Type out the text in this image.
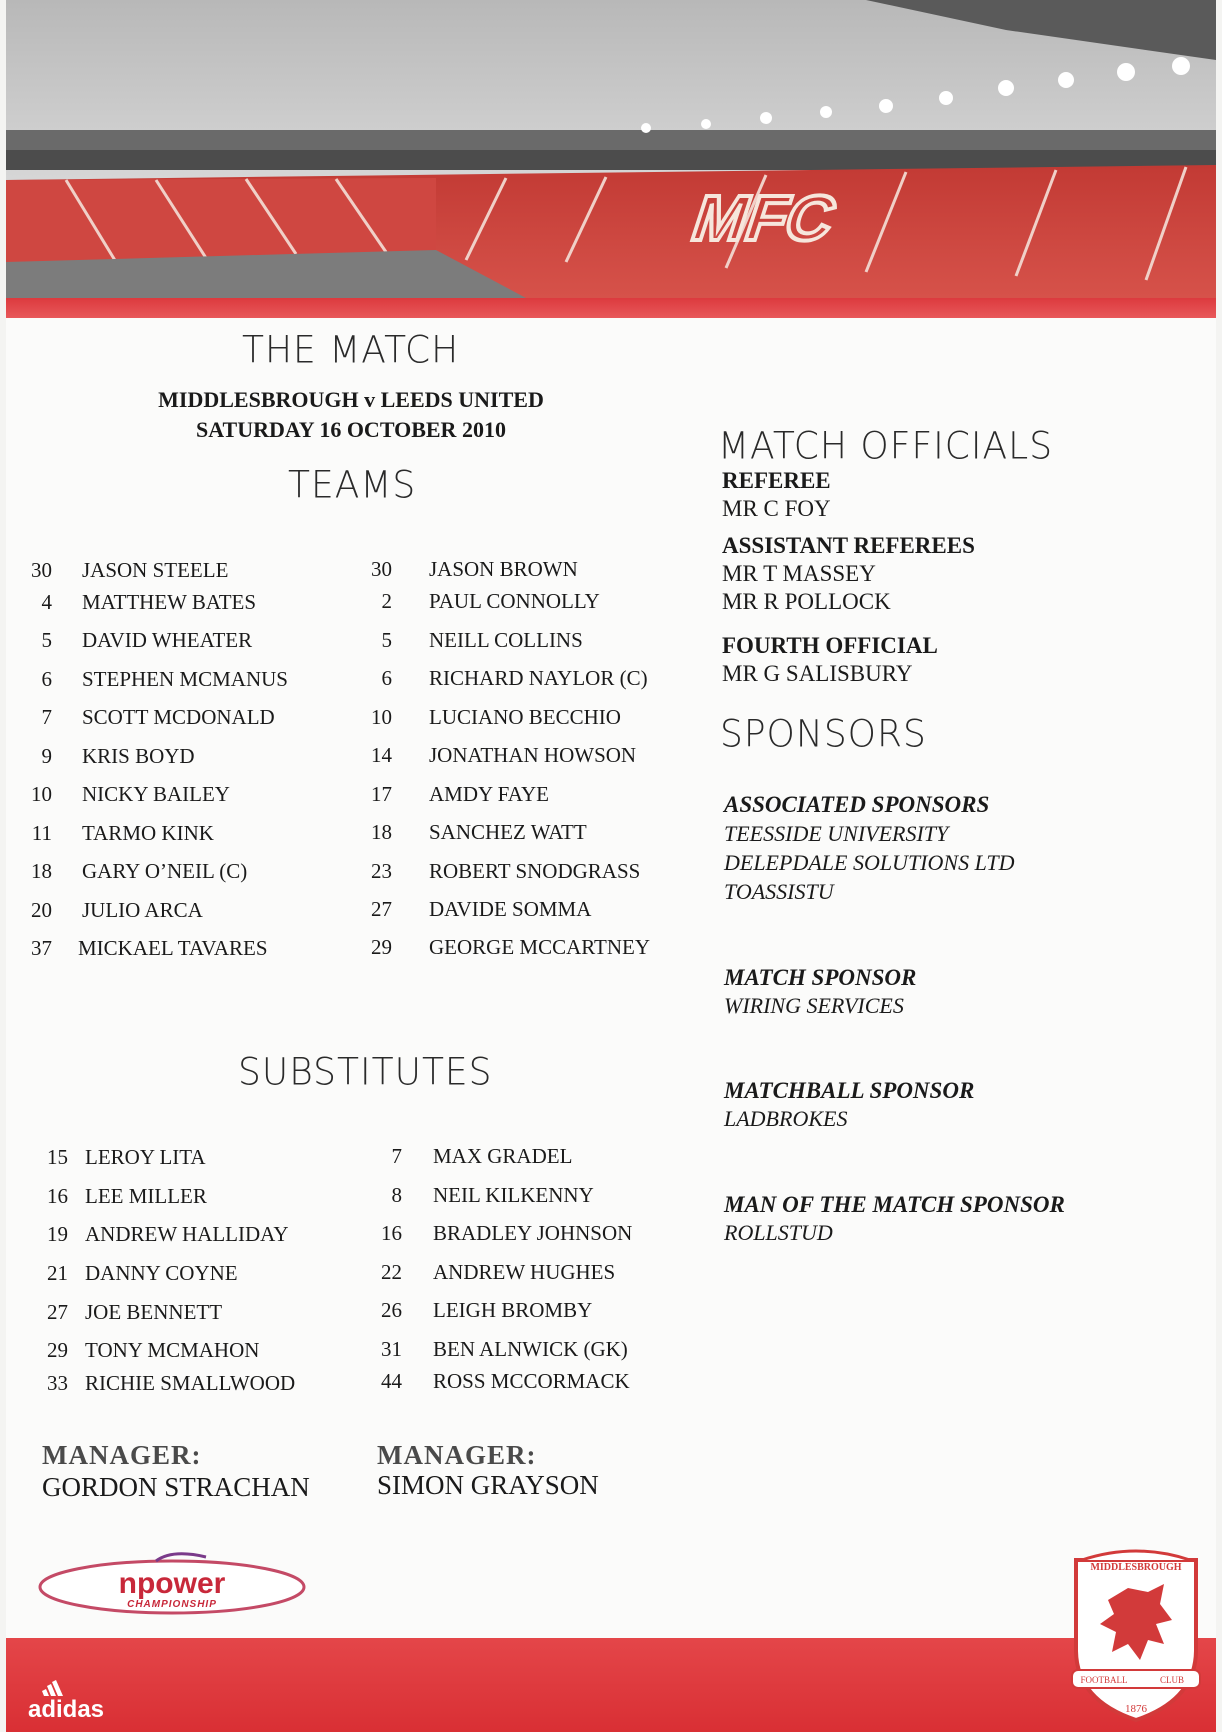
MFC
THE MATCH
MIDDLESBROUGH v LEEDS UNITED
SATURDAY 16 OCTOBER 2010
TEAMS
30 JASON STEELE
4 MATTHEW BATES
5 DAVID WHEATER
6 STEPHEN MCMANUS
7 SCOTT MCDONALD
9 KRIS BOYD
10 NICKY BAILEY
11 TARMO KINK
18 GARY O’NEIL (C)
20 JULIO ARCA
37 MICKAEL TAVARES
30 JASON BROWN
2 PAUL CONNOLLY
5 NEILL COLLINS
6 RICHARD NAYLOR (C)
10 LUCIANO BECCHIO
14 JONATHAN HOWSON
17 AMDY FAYE
18 SANCHEZ WATT
23 ROBERT SNODGRASS
27 DAVIDE SOMMA
29 GEORGE MCCARTNEY
SUBSTITUTES
15 LEROY LITA
16 LEE MILLER
19 ANDREW HALLIDAY
21 DANNY COYNE
27 JOE BENNETT
29 TONY MCMAHON
33 RICHIE SMALLWOOD
7 MAX GRADEL
8 NEIL KILKENNY
16 BRADLEY JOHNSON
22 ANDREW HUGHES
26 LEIGH BROMBY
31 BEN ALNWICK (GK)
44 ROSS MCCORMACK
MANAGER:
GORDON STRACHAN
MANAGER:
SIMON GRAYSON
MATCH OFFICIALS
REFEREE
MR C FOY
ASSISTANT REFEREES
MR T MASSEY
MR R POLLOCK
FOURTH OFFICIAL
MR G SALISBURY
SPONSORS
ASSOCIATED SPONSORS
TEESSIDE UNIVERSITY
DELEPDALE SOLUTIONS LTD
TOASSISTU
MATCH SPONSOR
WIRING SERVICES
MATCHBALL SPONSOR
LADBROKES
MAN OF THE MATCH SPONSOR
ROLLSTUD
npower
CHAMPIONSHIP
adidas
MIDDLESBROUGH
FOOTBALL	CLUB
1876
